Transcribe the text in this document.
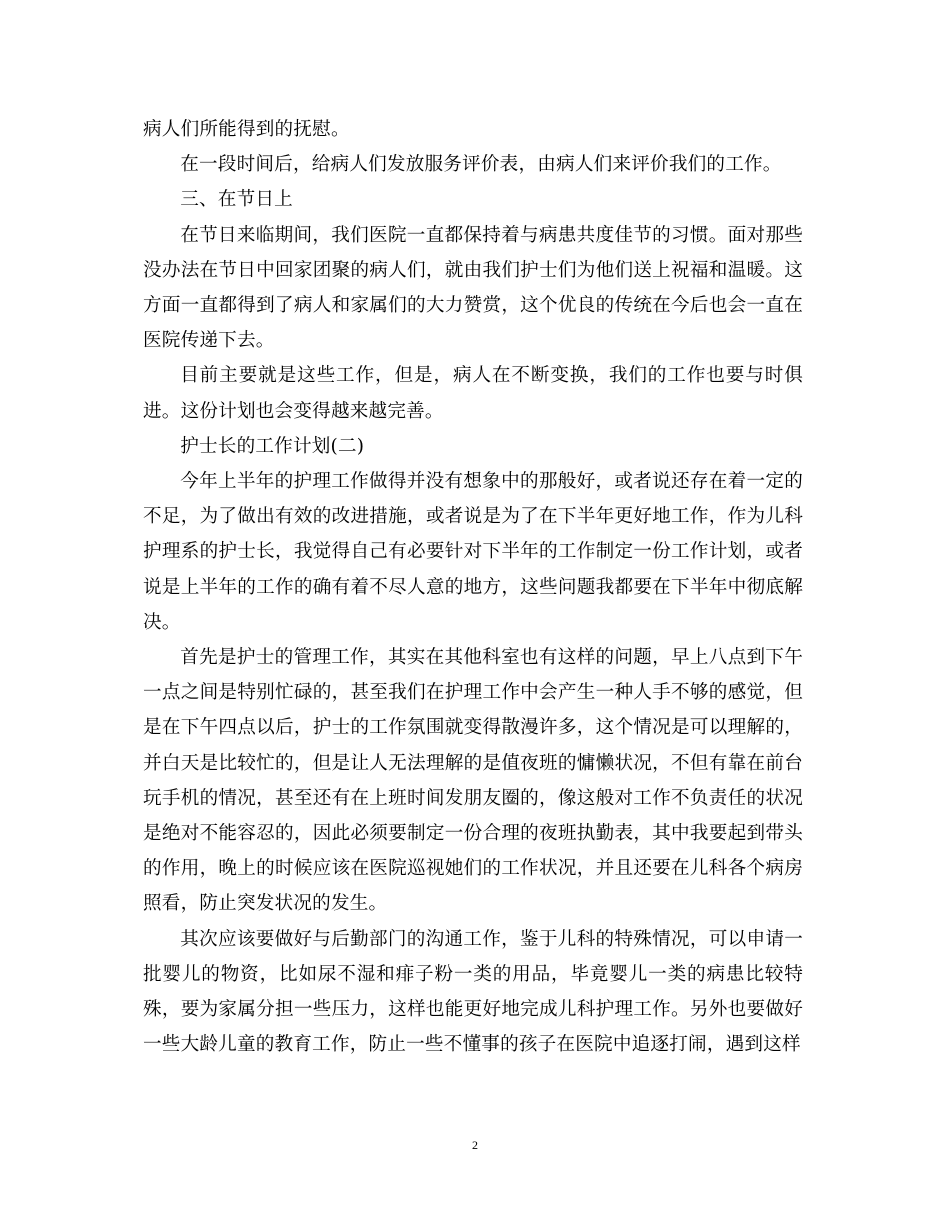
病人们所能得到的抚慰。

在一段时间后，给病人们发放服务评价表，由病人们来评价我们的工作。

三、在节日上

在节日来临期间，我们医院一直都保持着与病患共度佳节的习惯。面对那些没办法在节日中回家团聚的病人们，就由我们护士们为他们送上祝福和温暖。这方面一直都得到了病人和家属们的大力赞赏，这个优良的传统在今后也会一直在医院传递下去。

目前主要就是这些工作，但是，病人在不断变换，我们的工作也要与时俱进。这份计划也会变得越来越完善。

护士长的工作计划(二)

今年上半年的护理工作做得并没有想象中的那般好，或者说还存在着一定的不足，为了做出有效的改进措施，或者说是为了在下半年更好地工作，作为儿科护理系的护士长，我觉得自己有必要针对下半年的工作制定一份工作计划，或者说是上半年的工作的确有着不尽人意的地方，这些问题我都要在下半年中彻底解决。

首先是护士的管理工作，其实在其他科室也有这样的问题，早上八点到下午一点之间是特别忙碌的，甚至我们在护理工作中会产生一种人手不够的感觉，但是在下午四点以后，护士的工作氛围就变得散漫许多，这个情况是可以理解的，并白天是比较忙的，但是让人无法理解的是值夜班的慵懒状况，不但有靠在前台玩手机的情况，甚至还有在上班时间发朋友圈的，像这般对工作不负责任的状况是绝对不能容忍的，因此必须要制定一份合理的夜班执勤表，其中我要起到带头的作用，晚上的时候应该在医院巡视她们的工作状况，并且还要在儿科各个病房照看，防止突发状况的发生。

其次应该要做好与后勤部门的沟通工作，鉴于儿科的特殊情况，可以申请一批婴儿的物资，比如尿不湿和痱子粉一类的用品，毕竟婴儿一类的病患比较特殊，要为家属分担一些压力，这样也能更好地完成儿科护理工作。另外也要做好一些大龄儿童的教育工作，防止一些不懂事的孩子在医院中追逐打闹，遇到这样

2
